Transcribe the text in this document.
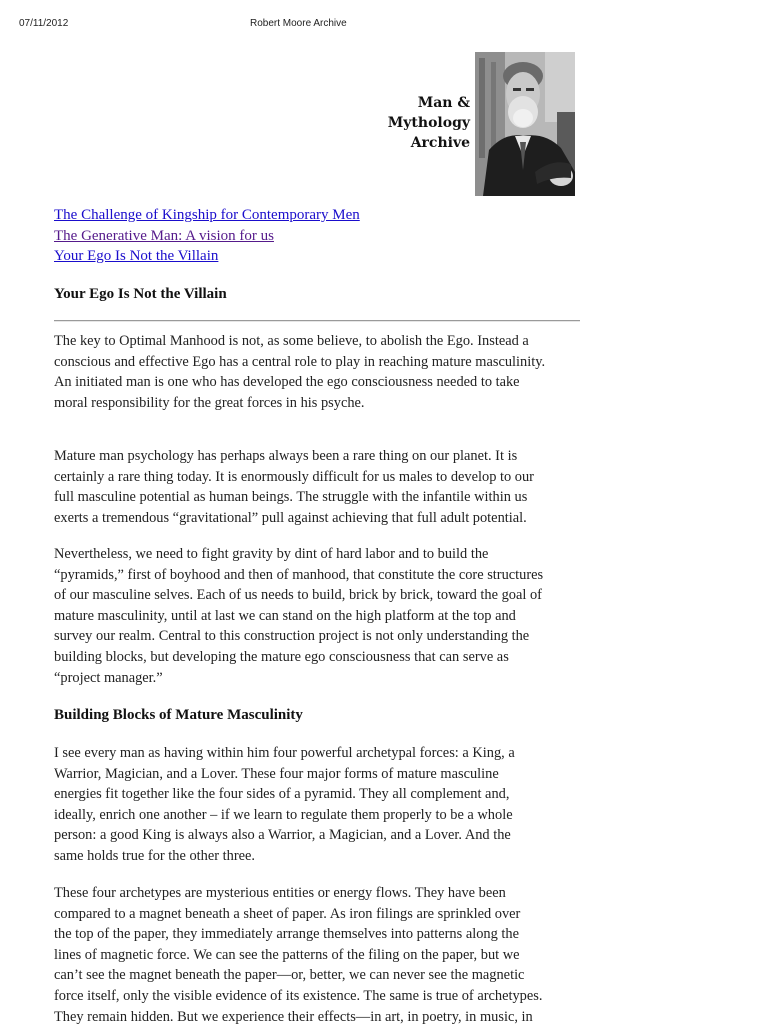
07/11/2012	Robert Moore Archive
Man &
Mythology
Archive
The Challenge of Kingship for Contemporary Men
The Generative Man: A vision for us
Your Ego Is Not the Villain
Your Ego Is Not the Villain
The key to Optimal Manhood is not, as some believe, to abolish the Ego. Instead a
conscious and effective Ego has a central role to play in reaching mature masculinity.
An initiated man is one who has developed the ego consciousness needed to take
moral responsibility for the great forces in his psyche.
Mature man psychology has perhaps always been a rare thing on our planet. It is
certainly a rare thing today. It is enormously difficult for us males to develop to our
full masculine potential as human beings. The struggle with the infantile within us
exerts a tremendous “gravitational” pull against achieving that full adult potential.
Nevertheless, we need to fight gravity by dint of hard labor and to build the
“pyramids,” first of boyhood and then of manhood, that constitute the core structures
of our masculine selves. Each of us needs to build, brick by brick, toward the goal of
mature masculinity, until at last we can stand on the high platform at the top and
survey our realm. Central to this construction project is not only understanding the
building blocks, but developing the mature ego consciousness that can serve as
“project manager.”
Building Blocks of Mature Masculinity
I see every man as having within him four powerful archetypal forces: a King, a
Warrior, Magician, and a Lover. These four major forms of mature masculine
energies fit together like the four sides of a pyramid. They all complement and,
ideally, enrich one another – if we learn to regulate them properly to be a whole
person: a good King is always also a Warrior, a Magician, and a Lover. And the
same holds true for the other three.
These four archetypes are mysterious entities or energy flows. They have been
compared to a magnet beneath a sheet of paper. As iron filings are sprinkled over
the top of the paper, they immediately arrange themselves into patterns along the
lines of magnetic force. We can see the patterns of the filing on the paper, but we
can’t see the magnet beneath the paper—or, better, we can never see the magnetic
force itself, only the visible evidence of its existence. The same is true of archetypes.
They remain hidden. But we experience their effects—in art, in poetry, in music, in
